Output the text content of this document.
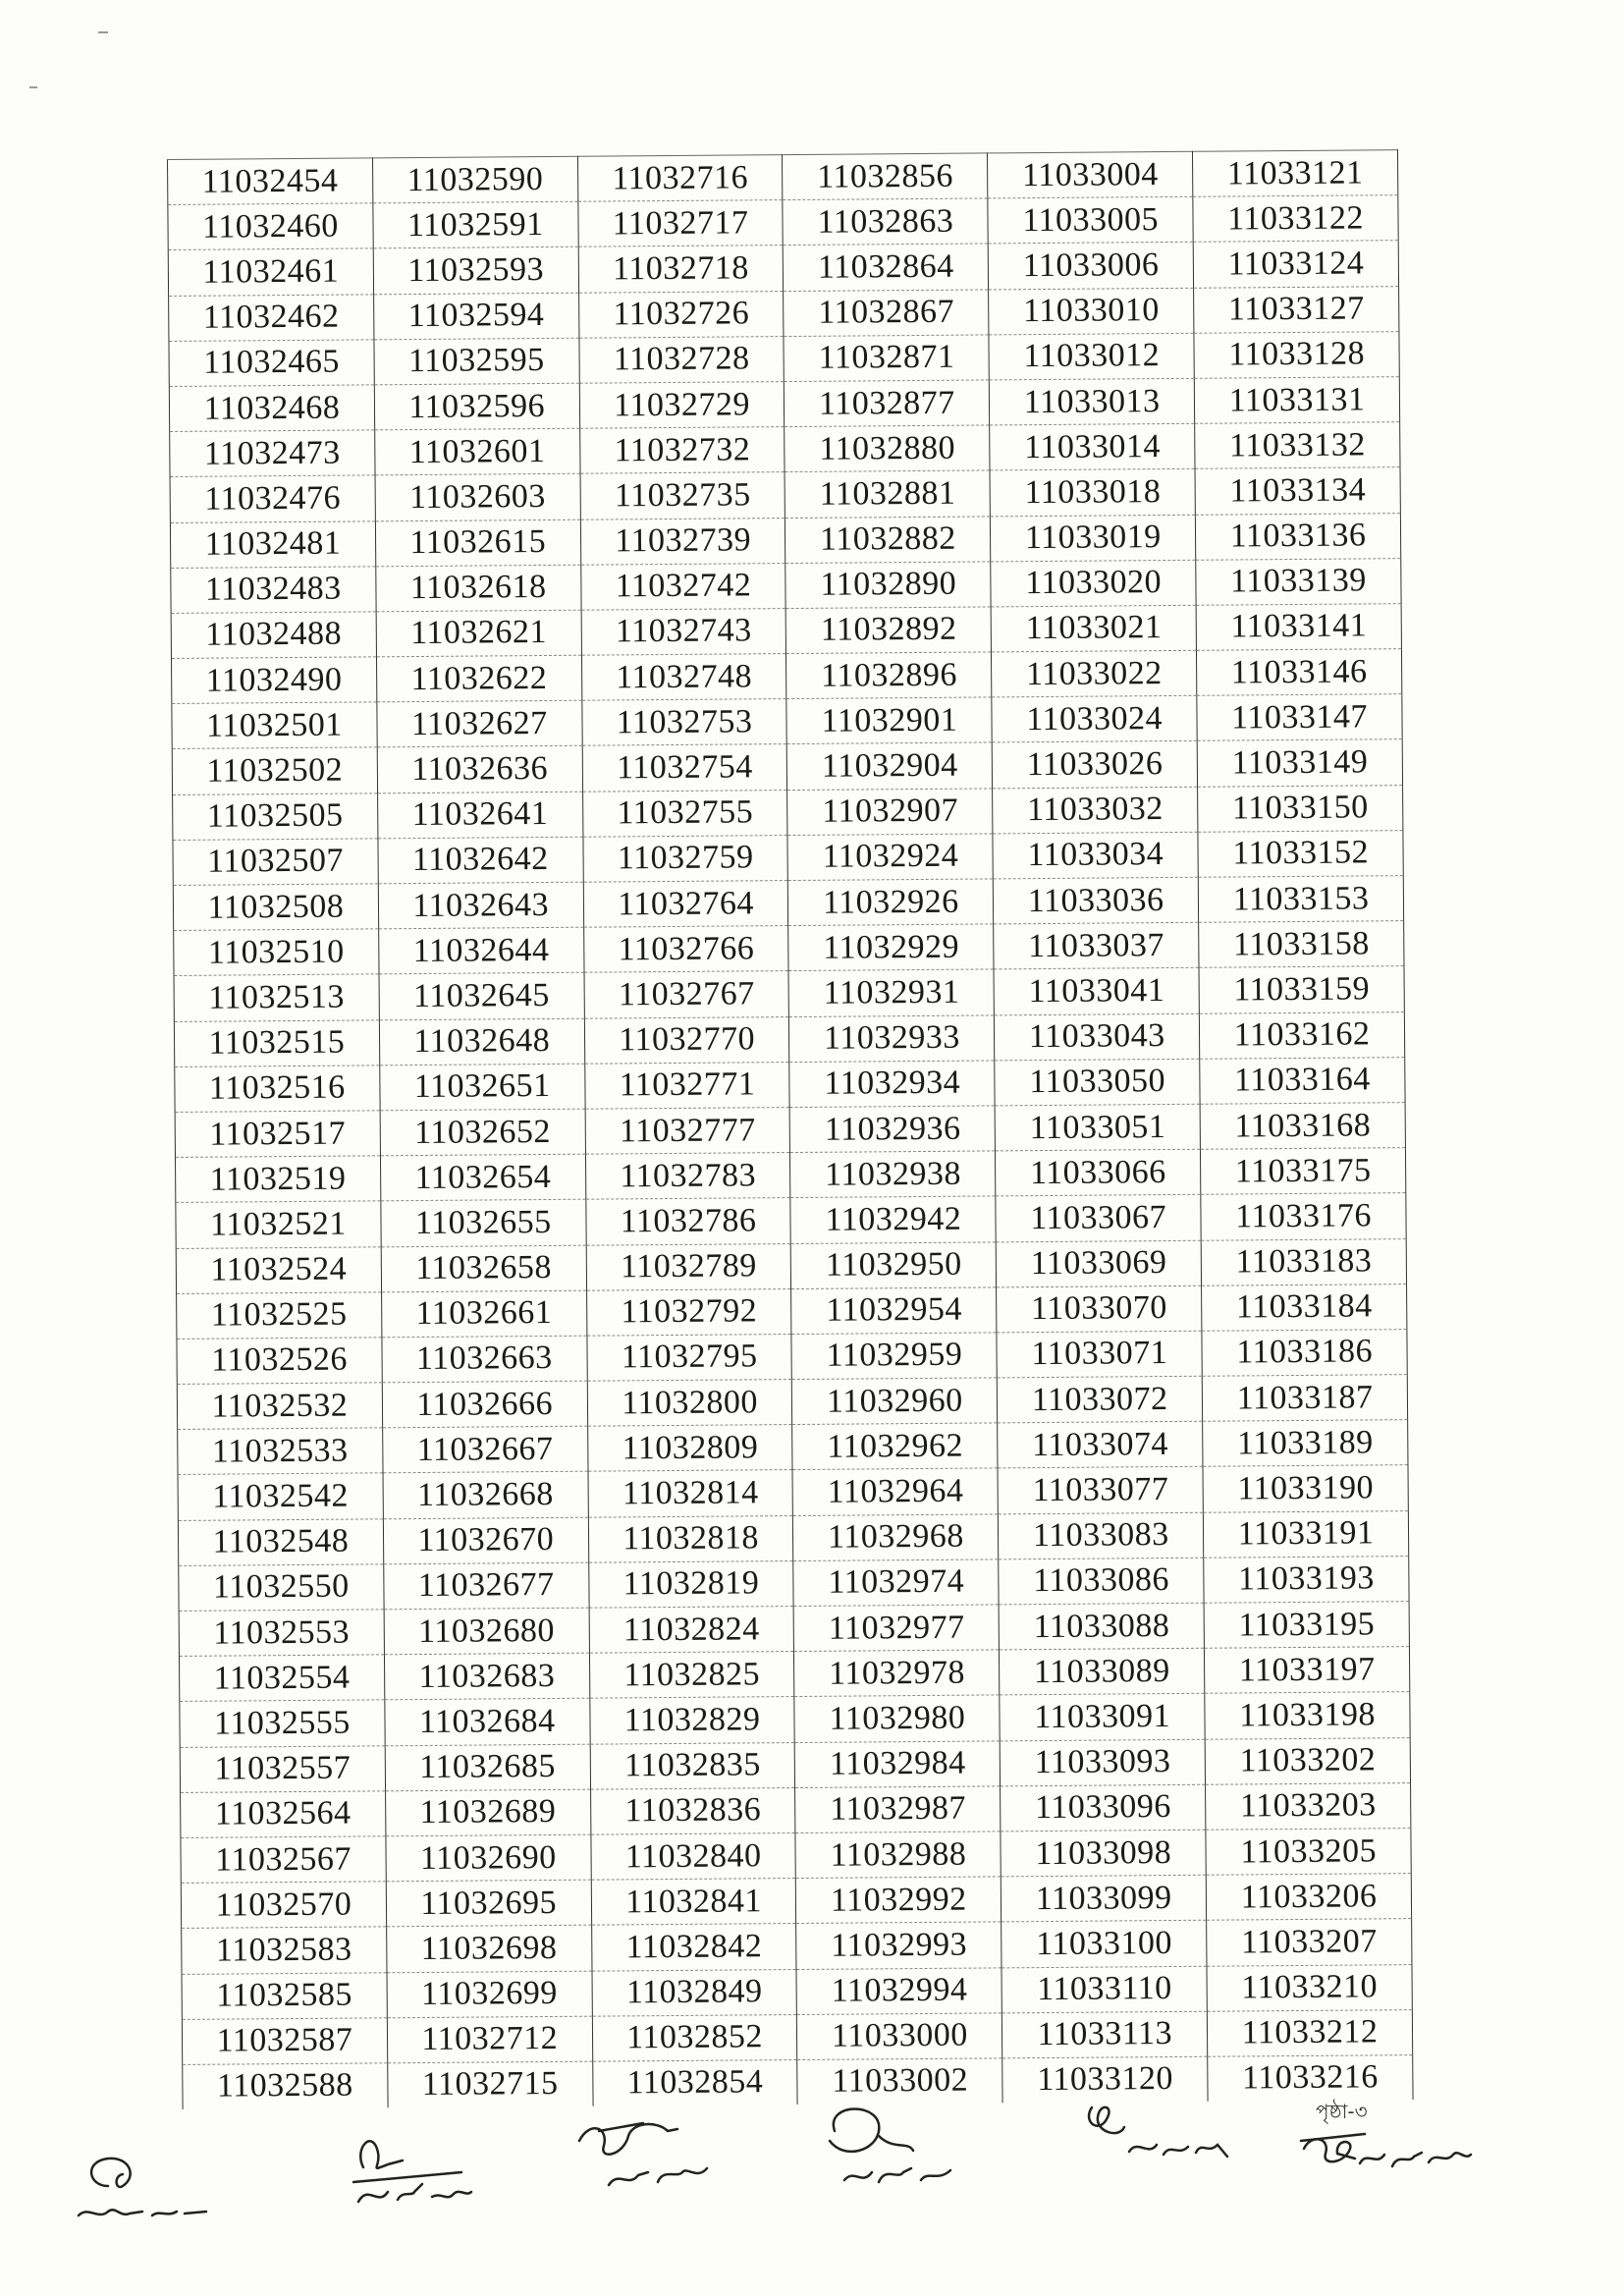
11032454	11032590	11032716	11032856	11033004	11033121
11032460	11032591	11032717	11032863	11033005	11033122
11032461	11032593	11032718	11032864	11033006	11033124
11032462	11032594	11032726	11032867	11033010	11033127
11032465	11032595	11032728	11032871	11033012	11033128
11032468	11032596	11032729	11032877	11033013	11033131
11032473	11032601	11032732	11032880	11033014	11033132
11032476	11032603	11032735	11032881	11033018	11033134
11032481	11032615	11032739	11032882	11033019	11033136
11032483	11032618	11032742	11032890	11033020	11033139
11032488	11032621	11032743	11032892	11033021	11033141
11032490	11032622	11032748	11032896	11033022	11033146
11032501	11032627	11032753	11032901	11033024	11033147
11032502	11032636	11032754	11032904	11033026	11033149
11032505	11032641	11032755	11032907	11033032	11033150
11032507	11032642	11032759	11032924	11033034	11033152
11032508	11032643	11032764	11032926	11033036	11033153
11032510	11032644	11032766	11032929	11033037	11033158
11032513	11032645	11032767	11032931	11033041	11033159
11032515	11032648	11032770	11032933	11033043	11033162
11032516	11032651	11032771	11032934	11033050	11033164
11032517	11032652	11032777	11032936	11033051	11033168
11032519	11032654	11032783	11032938	11033066	11033175
11032521	11032655	11032786	11032942	11033067	11033176
11032524	11032658	11032789	11032950	11033069	11033183
11032525	11032661	11032792	11032954	11033070	11033184
11032526	11032663	11032795	11032959	11033071	11033186
11032532	11032666	11032800	11032960	11033072	11033187
11032533	11032667	11032809	11032962	11033074	11033189
11032542	11032668	11032814	11032964	11033077	11033190
11032548	11032670	11032818	11032968	11033083	11033191
11032550	11032677	11032819	11032974	11033086	11033193
11032553	11032680	11032824	11032977	11033088	11033195
11032554	11032683	11032825	11032978	11033089	11033197
11032555	11032684	11032829	11032980	11033091	11033198
11032557	11032685	11032835	11032984	11033093	11033202
11032564	11032689	11032836	11032987	11033096	11033203
11032567	11032690	11032840	11032988	11033098	11033205
11032570	11032695	11032841	11032992	11033099	11033206
11032583	11032698	11032842	11032993	11033100	11033207
11032585	11032699	11032849	11032994	11033110	11033210
11032587	11032712	11032852	11033000	11033113	11033212
11032588	11032715	11032854	11033002	11033120	11033216
পৃষ্ঠা-৩
